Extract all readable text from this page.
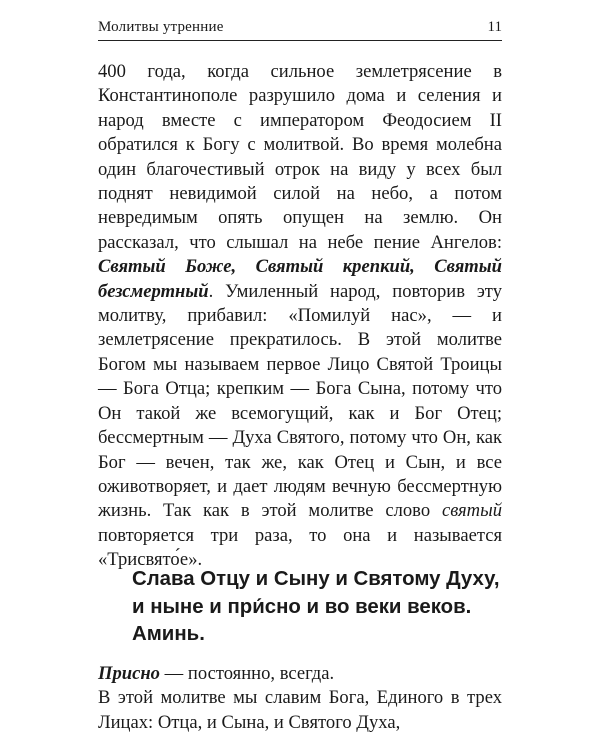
Молитвы утренние	11

400 года, когда сильное землетрясение в Константинополе разрушило дома и селения и народ вместе с императором Феодосием II обратился к Богу с молитвой. Во время молебна один благочестивый отрок на виду у всех был поднят невидимой силой на небо, а потом невредимым опять опущен на землю. Он рассказал, что слышал на небе пение Ангелов: Святый Боже, Святый крепкий, Святый безсмертный. Умиленный народ, повторив эту молитву, прибавил: «Помилуй нас», — и землетрясение прекратилось. В этой молитве Богом мы называем первое Лицо Святой Троицы — Бога Отца; крепким — Бога Сына, потому что Он такой же всемогущий, как и Бог Отец; бессмертным — Духа Святого, потому что Он, как Бог — вечен, так же, как Отец и Сын, и все оживотворяет, и дает людям вечную бессмертную жизнь. Так как в этой молитве слово святый повторяется три раза, то она и называется «Трисвято́е».

Слава Отцу и Сыну и Святому Духу, и ныне и при́сно и во веки веков. Аминь.

Присно — постоянно, всегда.

В этой молитве мы славим Бога, Единого в трех Лицах: Отца, и Сына, и Святого Духа,
